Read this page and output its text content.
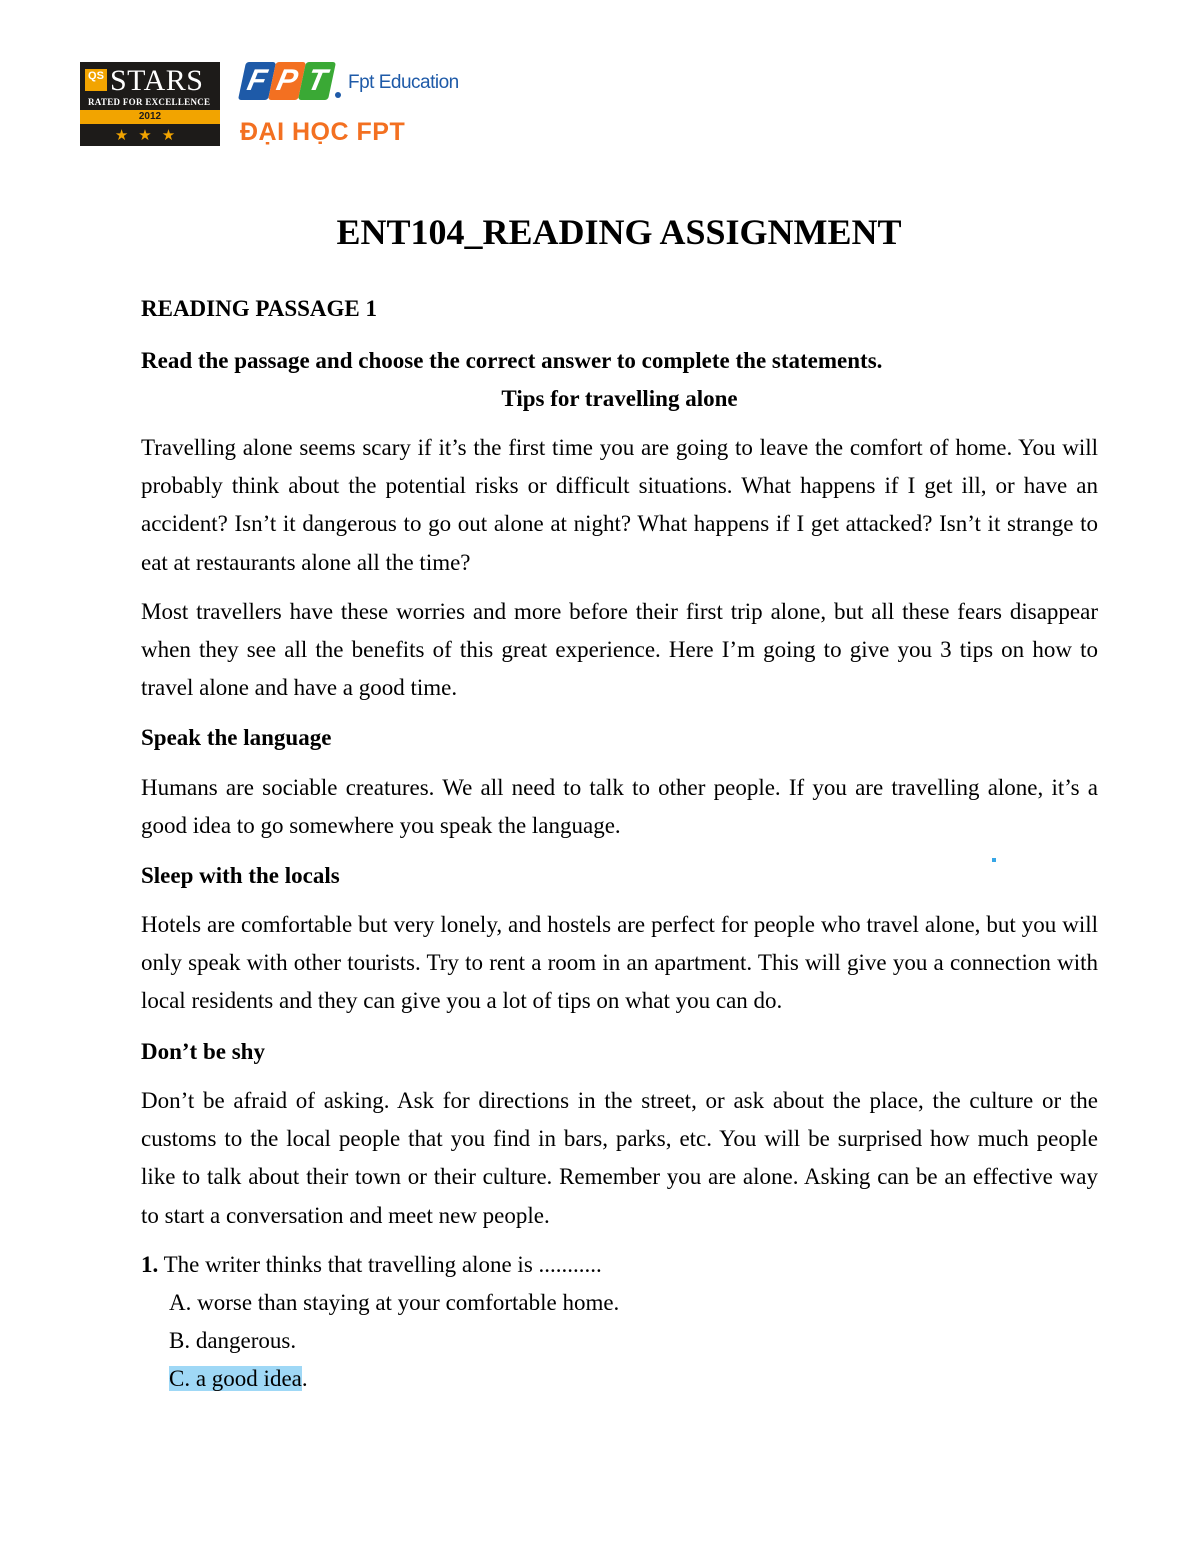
QS STARS
RATED FOR EXCELLENCE
2012
★★★
F P T Fpt Education
ĐẠI HỌC FPT
ENT104_READING ASSIGNMENT
READING PASSAGE 1
Read the passage and choose the correct answer to complete the statements.
Tips for travelling alone
Travelling alone seems scary if it’s the first time you are going to leave the comfort of home. You will probably think about the potential risks or difficult situations. What happens if I get ill, or have an accident? Isn’t it dangerous to go out alone at night? What happens if I get attacked? Isn’t it strange to eat at restaurants alone all the time?
Most travellers have these worries and more before their first trip alone, but all these fears disappear when they see all the benefits of this great experience. Here I’m going to give you 3 tips on how to travel alone and have a good time.
Speak the language
Humans are sociable creatures. We all need to talk to other people. If you are travelling alone, it’s a good idea to go somewhere you speak the language.
Sleep with the locals
Hotels are comfortable but very lonely, and hostels are perfect for people who travel alone, but you will only speak with other tourists. Try to rent a room in an apartment. This will give you a connection with local residents and they can give you a lot of tips on what you can do.
Don’t be shy
Don’t be afraid of asking. Ask for directions in the street, or ask about the place, the culture or the customs to the local people that you find in bars, parks, etc. You will be surprised how much people like to talk about their town or their culture. Remember you are alone. Asking can be an effective way to start a conversation and meet new people.
1. The writer thinks that travelling alone is ...........
A. worse than staying at your comfortable home.
B. dangerous.
C. a good idea.
